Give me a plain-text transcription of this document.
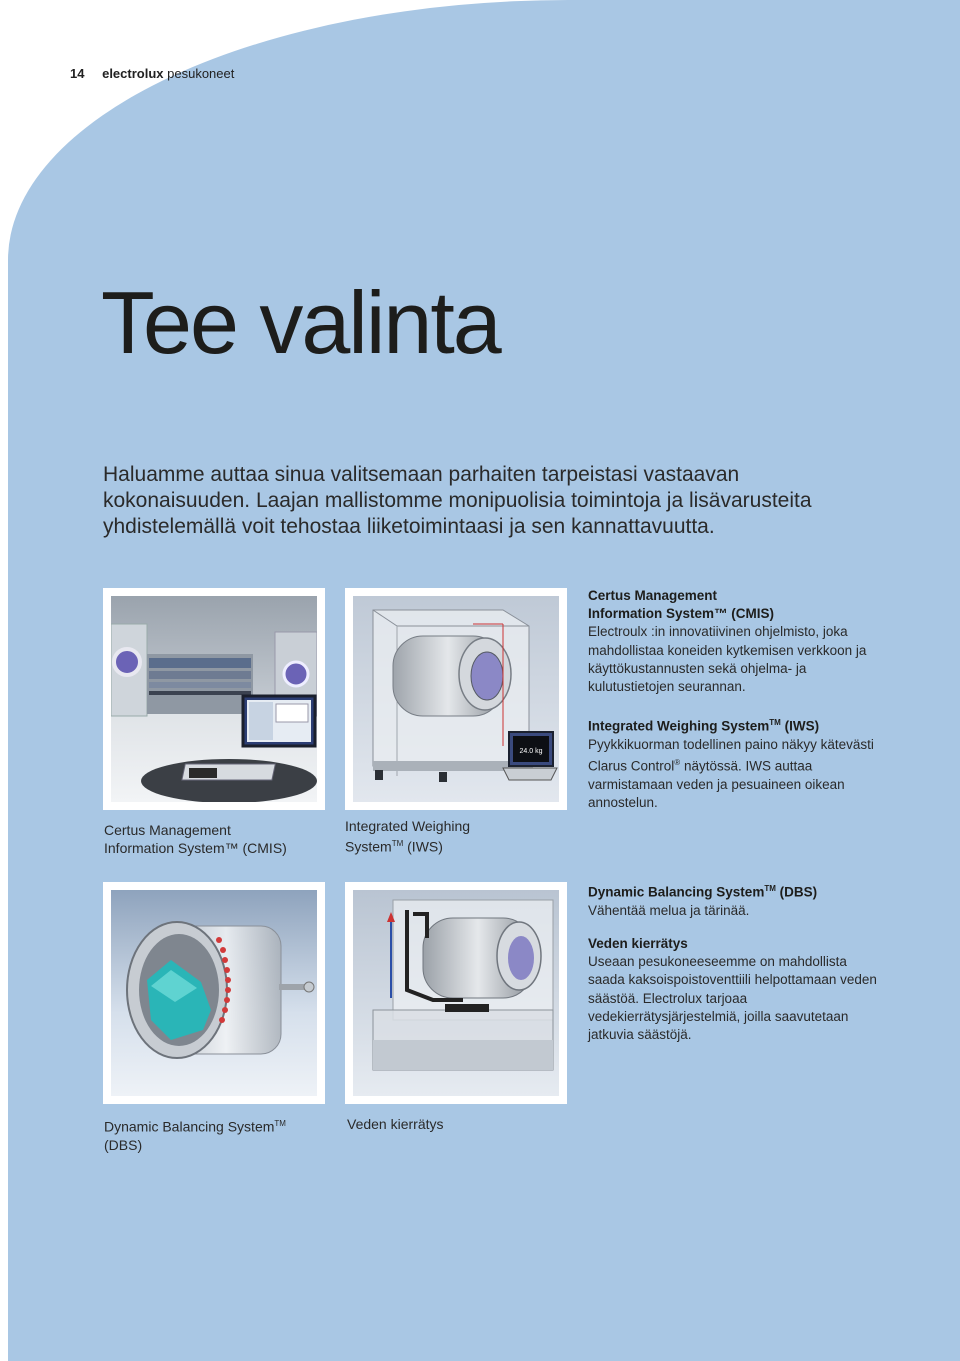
14 electrolux pesukoneet
Tee valinta

Haluamme auttaa sinua valitsemaan parhaiten tarpeistasi vastaavan kokonaisuuden. Laajan mallistomme monipuolisia toimintoja ja lisävarusteita yhdistelemällä voit tehostaa liiketoimintaasi ja sen kannattavuutta.

24.0 kg
Certus Management
Information System™ (CMIS)
Integrated Weighing
System™ (IWS)
Certus Management
Information System™ (CMIS)

Electroulx :in innovatiivinen ohjelmisto, joka mahdollistaa koneiden kytkemisen verkkoon ja käyttökustannusten sekä ohjelma- ja kulutustietojen seurannan.

Integrated Weighing System™ (IWS)

Pyykkikuorman todellinen paino näkyy kätevästi Clarus Control® näytössä. IWS auttaa varmistamaan veden ja pesuaineen oikean annostelun.

Dynamic Balancing System™
(DBS)
Veden kierrätys
Dynamic Balancing System™ (DBS)

Vähentää melua ja tärinää.

Veden kierrätys

Useaan pesukoneeseemme on mahdollista saada kaksoispoistoventtiili helpottamaan veden säästöä. Electrolux tarjoaa vedekierrätysjärjestelmiä, joilla saavutetaan jatkuvia säästöjä.
